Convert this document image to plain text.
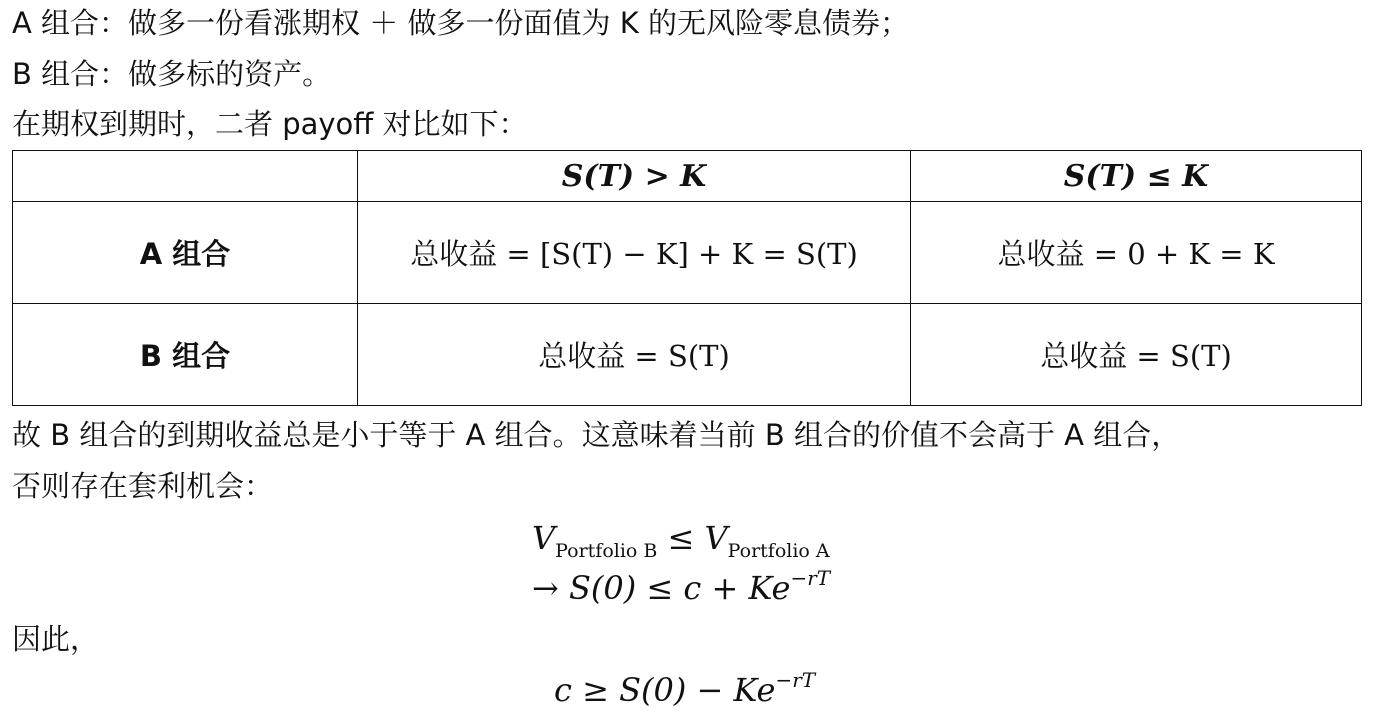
A 组合：做多一份看涨期权 ＋ 做多一份面值为 K 的无风险零息债券；
B 组合：做多标的资产。
在期权到期时，二者 payoff 对比如下：
	S(T) > K	S(T) ≤ K
A 组合	总收益 = [S(T) − K] + K = S(T)	总收益 = 0 + K = K
B 组合	总收益 = S(T)	总收益 = S(T)
故 B 组合的到期收益总是小于等于 A 组合。这意味着当前 B 组合的价值不会高于 A 组合，
否则存在套利机会：
$V_{Portfolio B} \le V_{Portfolio A}$
→ $S(0) \le c + Ke^{-rT}$
因此，
$c \ge S(0) - Ke^{-rT}$
